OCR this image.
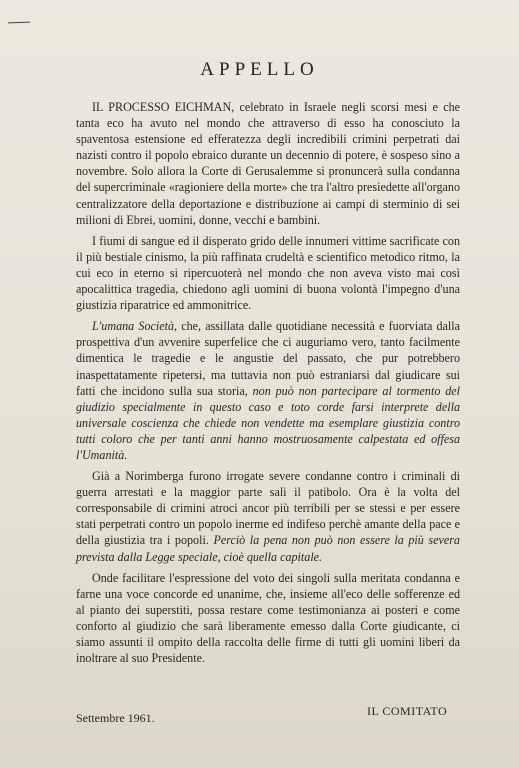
APPELLO

IL PROCESSO EICHMAN, celebrato in Israele negli scorsi mesi e che tanta eco ha avuto nel mondo che attraverso di esso ha conosciuto la spaventosa estensione ed efferatezza degli incredibili crimini perpetrati dai nazisti contro il popolo ebraico durante un decennio di potere, è sospeso sino a novembre. Solo allora la Corte di Gerusalemme si pronuncerà sulla condanna del supercriminale «ragioniere della morte» che tra l'altro presiedette all'organo centralizzatore della deportazione e distribuzione ai campi di sterminio di sei milioni di Ebrei, uomini, donne, vecchi e bambini.

I fiumi di sangue ed il disperato grido delle innumeri vittime sacrificate con il più bestiale cinismo, la più raffinata crudeltà e scientifico metodico ritmo, la cui eco in eterno si ripercuoterà nel mondo che non aveva visto mai così apocalittica tragedia, chiedono agli uomini di buona volontà l'impegno d'una giustizia riparatrice ed ammonitrice.

L'umana Società, che, assillata dalle quotidiane necessità e fuorviata dalla prospettiva d'un avvenire superfelice che ci auguriamo vero, tanto facilmente dimentica le tragedie e le angustie del passato, che pur potrebbero inaspettatamente ripetersi, ma tuttavia non può estraniarsi dal giudicare sui fatti che incidono sulla sua storia, non può non partecipare al tormento del giudizio specialmente in questo caso e toto corde farsi interprete della universale coscienza che chiede non vendette ma esemplare giustizia contro tutti coloro che per tanti anni hanno mostruosamente calpestata ed offesa l'Umanità.

Già a Norimberga furono irrogate severe condanne contro i criminali di guerra arrestati e la maggior parte salì il patibolo. Ora è la volta del corresponsabile di crimini atroci ancor più terribili per se stessi e per essere stati perpetrati contro un popolo inerme ed indifeso perchè amante della pace e della giustizia tra i popoli. Perciò la pena non può non essere la più severa prevista dalla Legge speciale, cioè quella capitale.

Onde facilitare l'espressione del voto dei singoli sulla meritata condanna e farne una voce concorde ed unanime, che, insieme all'eco delle sofferenze ed al pianto dei superstiti, possa restare come testimonianza ai posteri e come conforto al giudizio che sarà liberamente emesso dalla Corte giudicante, ci siamo assunti il ompito della raccolta delle firme di tutti gli uomini liberi da inoltrare al suo Presidente.

Settembre 1961.	IL COMITATO
